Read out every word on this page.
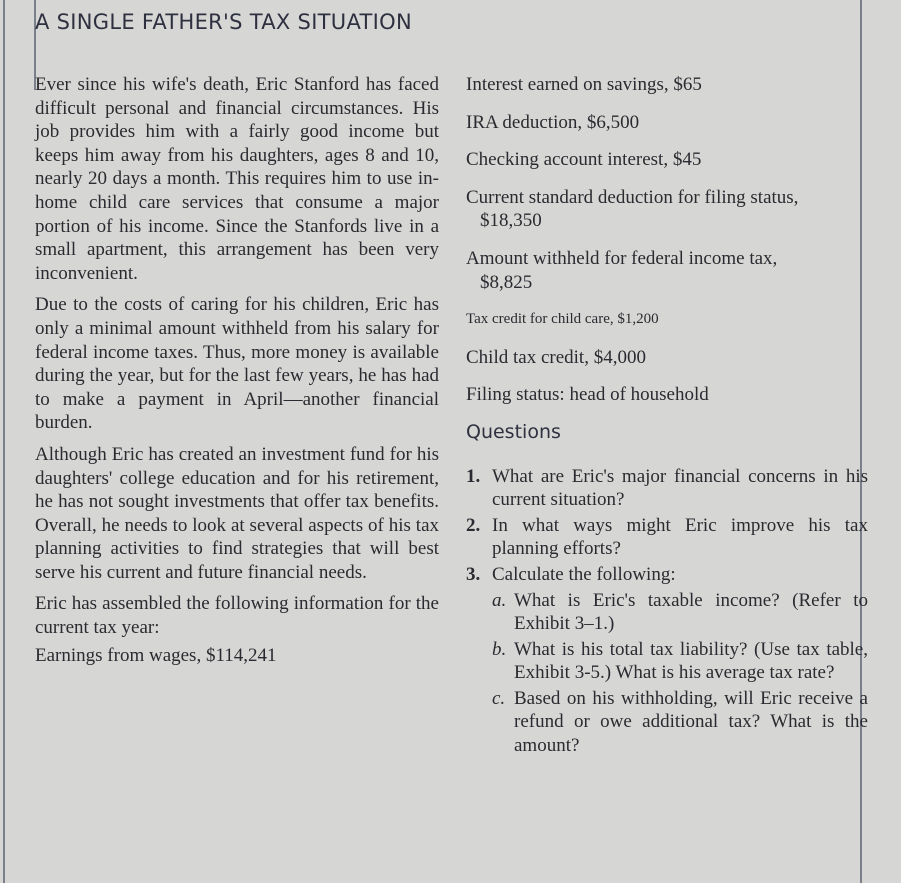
A SINGLE FATHER'S TAX SITUATION

Ever since his wife's death, Eric Stanford has faced difficult personal and financial circumstances. His job provides him with a fairly good income but keeps him away from his daughters, ages 8 and 10, nearly 20 days a month. This requires him to use in-home child care services that consume a major portion of his income. Since the Stanfords live in a small apartment, this arrangement has been very inconvenient.

Due to the costs of caring for his children, Eric has only a minimal amount withheld from his salary for federal income taxes. Thus, more money is available during the year, but for the last few years, he has had to make a payment in April—another financial burden.

Although Eric has created an investment fund for his daughters' college education and for his retirement, he has not sought investments that offer tax benefits. Overall, he needs to look at several aspects of his tax planning activities to find strategies that will best serve his current and future financial needs.

Eric has assembled the following information for the current tax year:

Earnings from wages, $114,241

Interest earned on savings, $65
IRA deduction, $6,500
Checking account interest, $45
Current standard deduction for filing status,
$18,350
Amount withheld for federal income tax,
$8,825
Tax credit for child care, $1,200
Child tax credit, $4,000
Filing status: head of household
Questions
1. What are Eric's major financial concerns in his current situation?
2. In what ways might Eric improve his tax planning efforts?
3. Calculate the following:
a. What is Eric's taxable income? (Refer to Exhibit 3–1.)
b. What is his total tax liability? (Use tax table, Exhibit 3-5.) What is his average tax rate?
c. Based on his withholding, will Eric receive a refund or owe additional tax? What is the amount?
